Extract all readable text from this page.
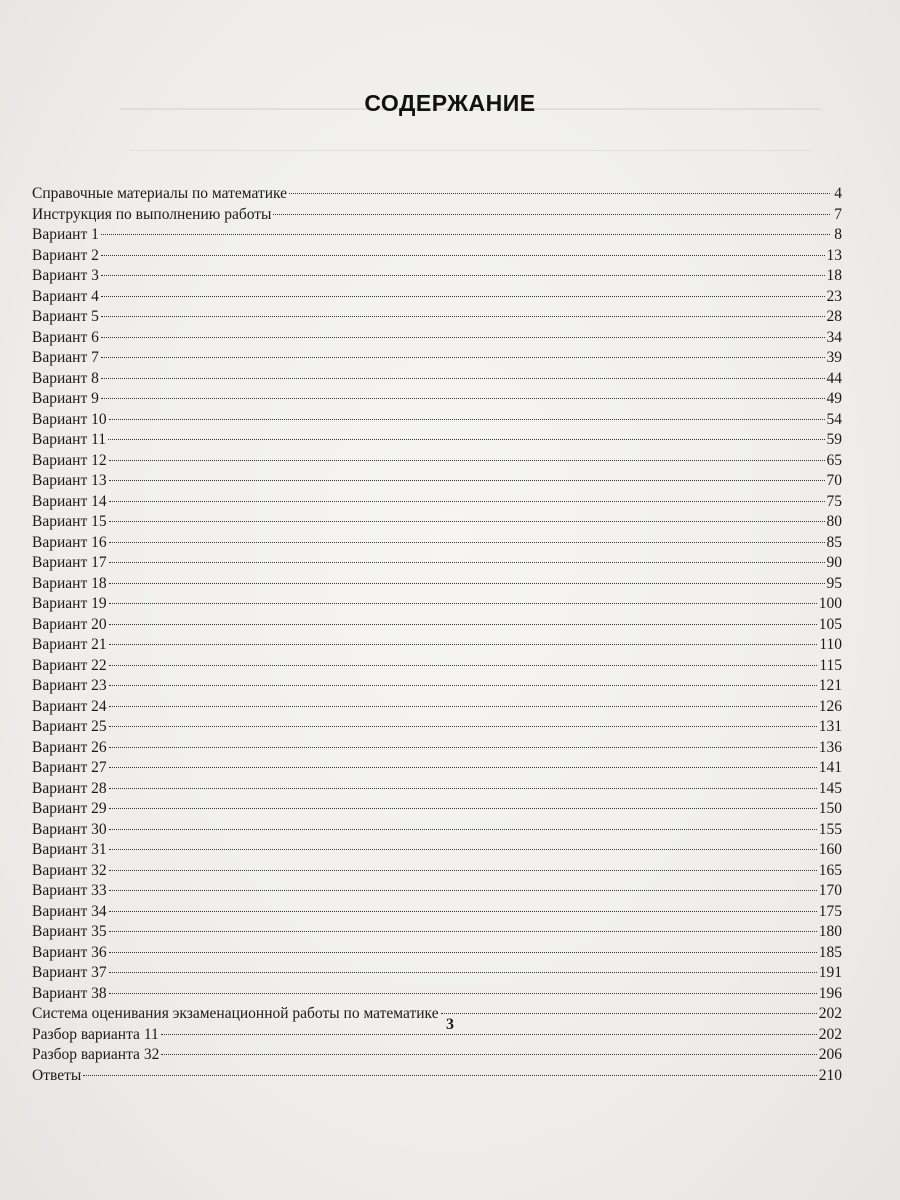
СОДЕРЖАНИЕ
Справочные материалы по математике	4
Инструкция по выполнению работы	7
Вариант 1	8
Вариант 2	13
Вариант 3	18
Вариант 4	23
Вариант 5	28
Вариант 6	34
Вариант 7	39
Вариант 8	44
Вариант 9	49
Вариант 10	54
Вариант 11	59
Вариант 12	65
Вариант 13	70
Вариант 14	75
Вариант 15	80
Вариант 16	85
Вариант 17	90
Вариант 18	95
Вариант 19	100
Вариант 20	105
Вариант 21	110
Вариант 22	115
Вариант 23	121
Вариант 24	126
Вариант 25	131
Вариант 26	136
Вариант 27	141
Вариант 28	145
Вариант 29	150
Вариант 30	155
Вариант 31	160
Вариант 32	165
Вариант 33	170
Вариант 34	175
Вариант 35	180
Вариант 36	185
Вариант 37	191
Вариант 38	196
Система оценивания экзаменационной работы по математике	202
Разбор варианта 11	202
Разбор варианта 32	206
Ответы	210
3
